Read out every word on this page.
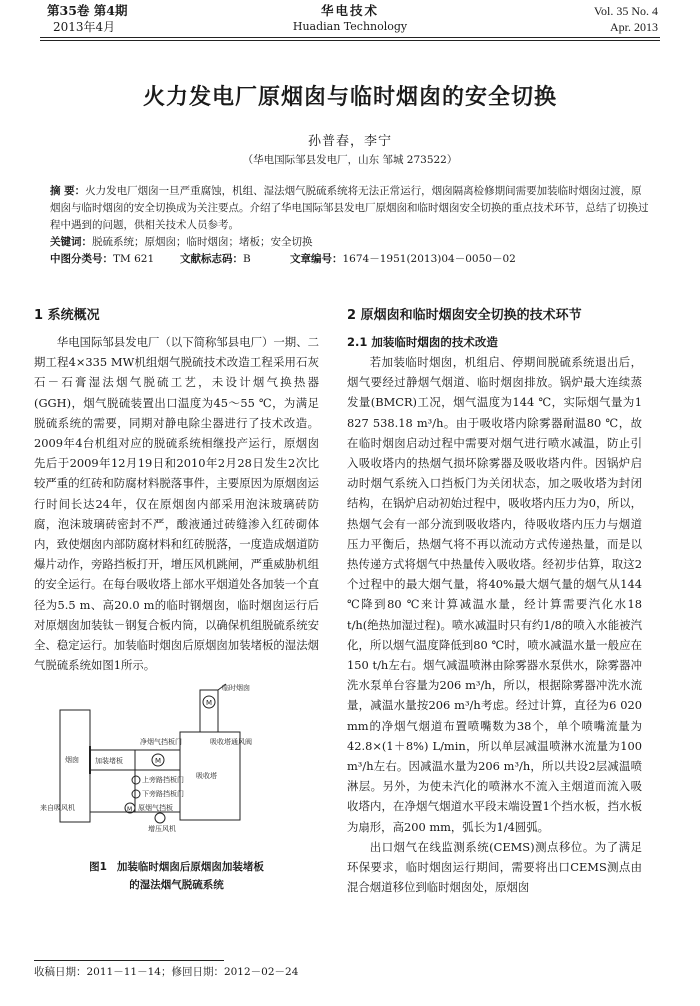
第35卷 第4期
2013年4月
华电技术
Huadian Technology
Vol. 35 No. 4
Apr. 2013
火力发电厂原烟囱与临时烟囱的安全切换
孙普春，李宁
（华电国际邹县发电厂，山东 邹城 273522）

摘 要：火力发电厂烟囱一旦严重腐蚀，机组、湿法烟气脱硫系统将无法正常运行，烟囱隔离检修期间需要加装临时烟囱过渡，原烟囱与临时烟囱的安全切换成为关注要点。介绍了华电国际邹县发电厂原烟囱和临时烟囱安全切换的重点技术环节，总结了切换过程中遇到的问题，供相关技术人员参考。

关键词：脱硫系统；原烟囱；临时烟囱；堵板；安全切换

中图分类号：TM 621 文献标志码：B	文章编号：1674－1951(2013)04－0050－02

1 系统概况

华电国际邹县发电厂（以下简称邹县电厂）一期、二期工程4×335 MW机组烟气脱硫技术改造工程采用石灰石－石膏湿法烟气脱硫工艺，未设计烟气换热器(GGH)，烟气脱硫装置出口温度为45～55 ℃，为满足脱硫系统的需要，同期对静电除尘器进行了技术改造。2009年4台机组对应的脱硫系统相继投产运行，原烟囱先后于2009年12月19日和2010年2月28日发生2次比较严重的红砖和防腐材料脱落事件，主要原因为原烟囱运行时间长达24年，仅在原烟囱内部采用泡沫玻璃砖防腐，泡沫玻璃砖密封不严，酸液通过砖缝渗入红砖砌体内，致使烟囱内部防腐材料和红砖脱落，一度造成烟道防爆片动作，旁路挡板打开，增压风机跳闸，严重威胁机组的安全运行。在每台吸收塔上部水平烟道处各加装一个直径为5.5 m、高20.0 m的临时钢烟囱，临时烟囱运行后对原烟囱加装钛－钢复合板内筒，以确保机组脱硫系统安全、稳定运行。加装临时烟囱后原烟囱加装堵板的湿法烟气脱硫系统如图1所示。

临时烟囱
烟囱 加装堵板
净烟气挡板门	吸收塔通风阀
吸收塔
上旁路挡板门
下旁路挡板门
原烟气挡板
来自吸风机
增压风机
M
M
M
图1 加装临时烟囱后原烟囱加装堵板
的湿法烟气脱硫系统
收稿日期：2011－11－14；修回日期：2012－02－24
2 原烟囱和临时烟囱安全切换的技术环节
2.1 加装临时烟囱的技术改造

若加装临时烟囱，机组启、停期间脱硫系统退出后，烟气要经过静烟气烟道、临时烟囱排放。锅炉最大连续蒸发量(BMCR)工况，烟气温度为144 ℃，实际烟气量为1 827 538.18 m³/h。由于吸收塔内除雾器耐温80 ℃，故在临时烟囱启动过程中需要对烟气进行喷水减温，防止引入吸收塔内的热烟气损坏除雾器及吸收塔内件。因锅炉启动时烟气系统入口挡板门为关闭状态，加之吸收塔为封闭结构，在锅炉启动初始过程中，吸收塔内压力为0，所以，热烟气会有一部分流到吸收塔内，待吸收塔内压力与烟道压力平衡后，热烟气将不再以流动方式传递热量，而是以热传递方式将烟气中热量传入吸收塔。经初步估算，取这2个过程中的最大烟气量，将40%最大烟气量的烟气从144 ℃降到80 ℃来计算减温水量，经计算需要汽化水18 t/h(绝热加湿过程)。喷水减温时只有约1/8的喷入水能被汽化，所以烟气温度降低到80 ℃时，喷水减温水量一般应在150 t/h左右。烟气减温喷淋由除雾器水泵供水，除雾器冲洗水泵单台容量为206 m³/h，所以，根据除雾器冲洗水流量，减温水量按206 m³/h考虑。经过计算，直径为6 020 mm的净烟气烟道布置喷嘴数为38个，单个喷嘴流量为42.8×(1＋8%) L/min，所以单层减温喷淋水流量为100 m³/h左右。因减温水量为206 m³/h，所以共设2层减温喷淋层。另外，为使未汽化的喷淋水不流入主烟道而流入吸收塔内，在净烟气烟道水平段末端设置1个挡水板，挡水板为扇形，高200 mm，弧长为1/4圆弧。

出口烟气在线监测系统(CEMS)测点移位。为了满足环保要求，临时烟囱运行期间，需要将出口CEMS测点由混合烟道移位到临时烟囱处，原烟囱
